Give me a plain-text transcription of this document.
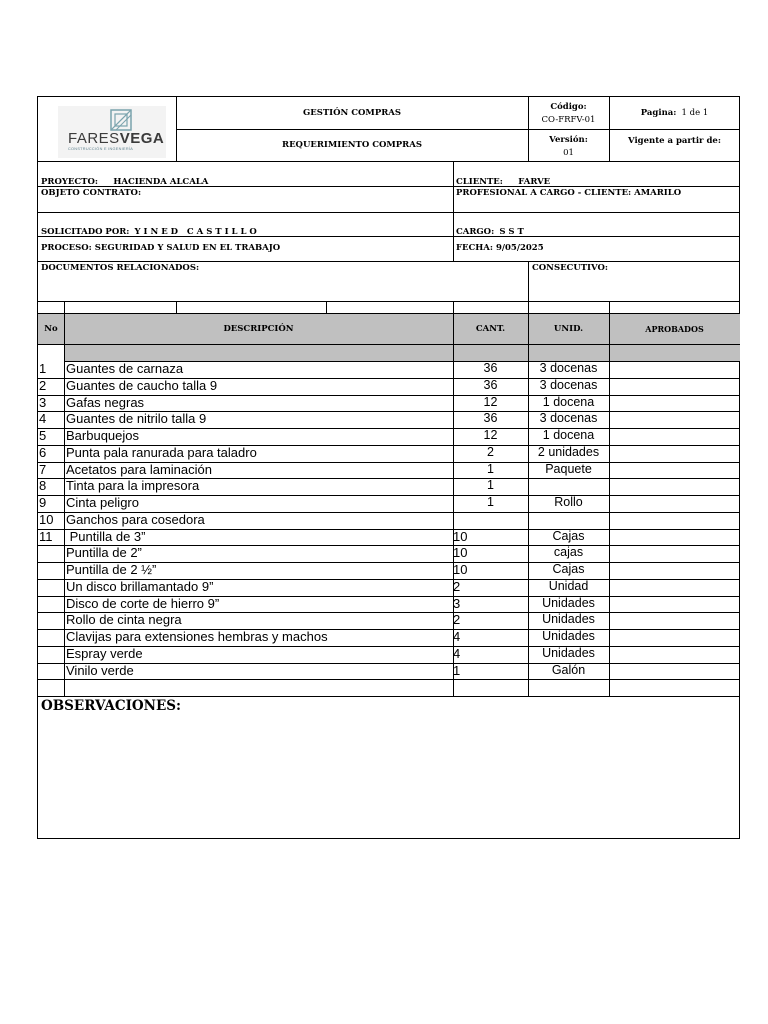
FARESVEGA
CONSTRUCCIÓN E INGENIERÍA
GESTIÓN COMPRAS
REQUERIMIENTO COMPRAS
Código:
CO-FRFV-01
Pagina:
1 de 1
Versión:
01
Vigente a partir de:
PROYECTO: HACIENDA ALCALA	CLIENTE: FARVE
OBJETO CONTRATO:	PROFESIONAL A CARGO - CLIENTE: AMARILO
SOLICITADO POR: Y I N E D   C A S T I L L O	CARGO: S S T
PROCESO: SEGURIDAD Y SALUD EN EL TRABAJO	FECHA: 9/05/2025
DOCUMENTOS RELACIONADOS:	CONSECUTIVO:
No	DESCRIPCIÓN	CANT.	UNID.	APROBADOS
1	Guantes de carnaza	36	3 docenas
2	Guantes de caucho talla 9	36	3 docenas
3	Gafas negras	12	1 docena
4	Guantes de nitrilo talla 9	36	3 docenas
5	Barbuquejos	12	1 docena
6	Punta pala ranurada para taladro	2	2 unidades
7	Acetatos para laminación	1	Paquete
8	Tinta para la impresora	1
9	Cinta peligro	1	Rollo
10 Ganchos para cosedora
11	Puntilla de 3”	10	Cajas
Puntilla de 2”	10	cajas
Puntilla de 2 ½”	10	Cajas
Un disco brillamantado 9”	2	Unidad
Disco de corte de hierro 9”	3	Unidades
Rollo de cinta negra	2	Unidades
Clavijas para extensiones hembras y machos	4	Unidades
Espray verde	4	Unidades
Vinilo verde	1	Galón
OBSERVACIONES:
